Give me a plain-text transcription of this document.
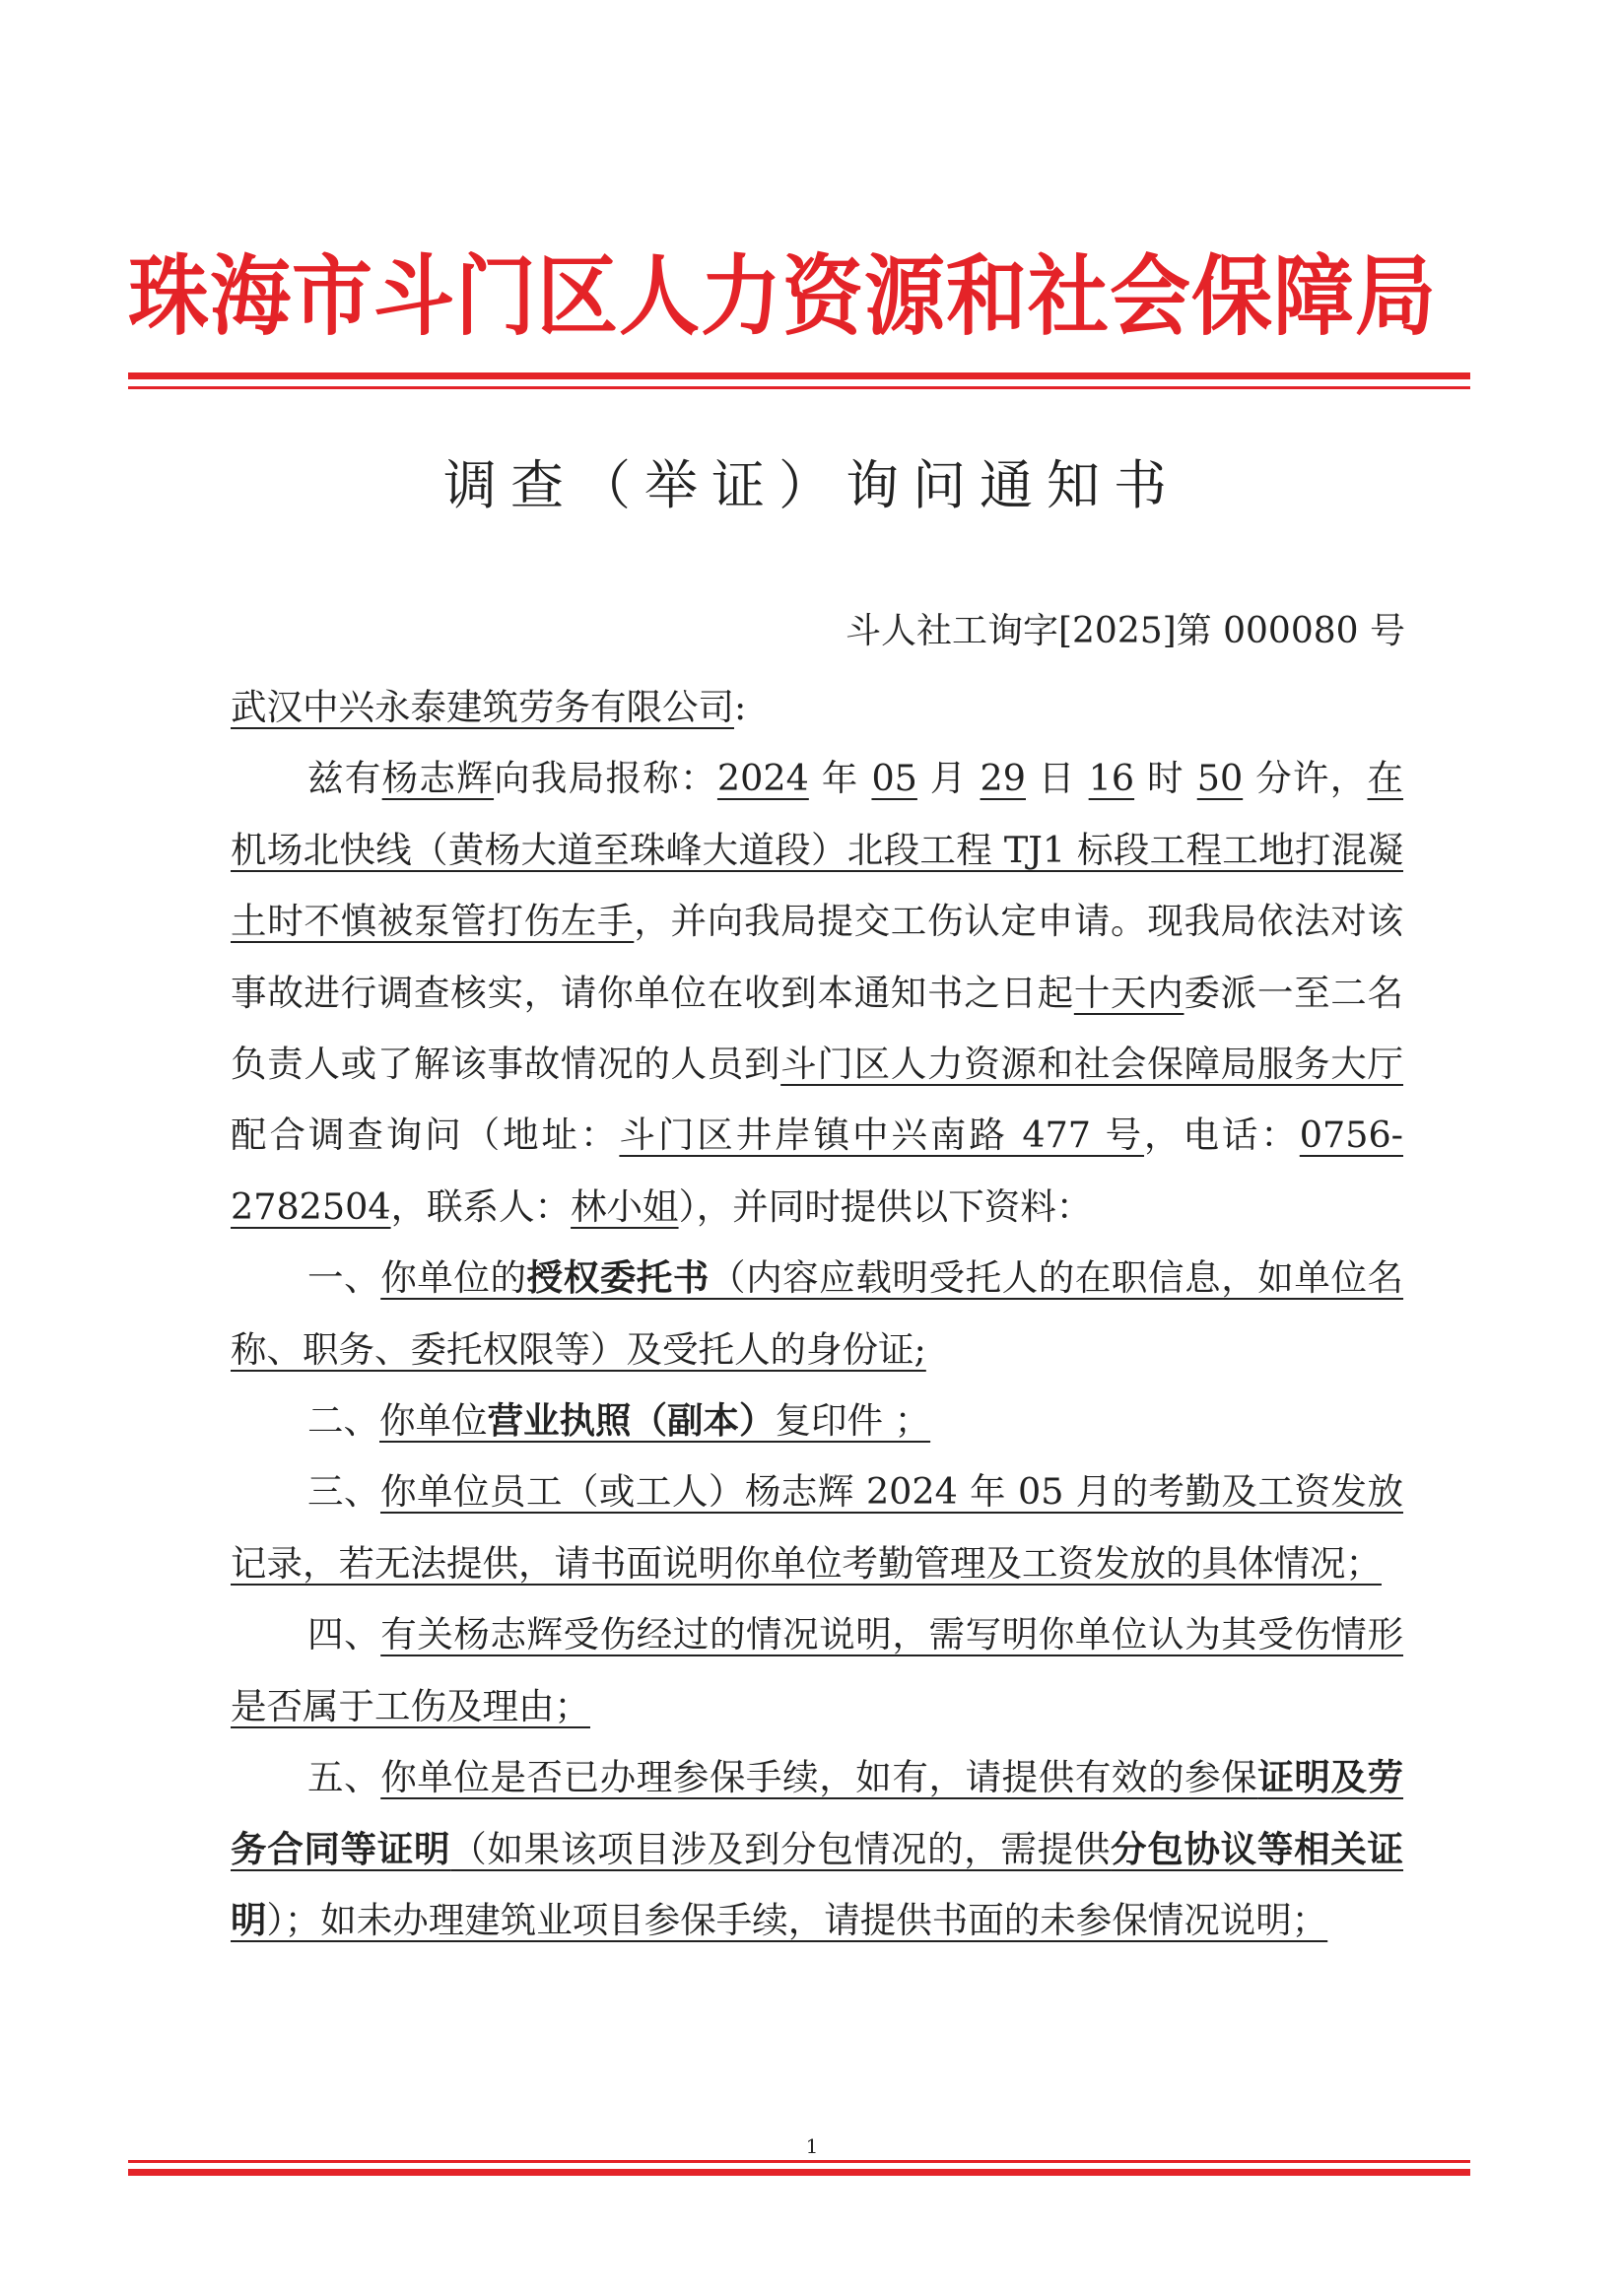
珠海市斗门区人力资源和社会保障局
调查（举证）询问通知书
斗人社工询字[2025]第 000080 号

武汉中兴永泰建筑劳务有限公司:

兹有杨志辉向我局报称：2024 年 05 月 29 日 16 时 50 分许，在机场北快线（黄杨大道至珠峰大道段）北段工程 TJ1 标段工程工地打混凝土时不慎被泵管打伤左手，并向我局提交工伤认定申请。现我局依法对该事故进行调查核实，请你单位在收到本通知书之日起十天内委派一至二名负责人或了解该事故情况的人员到斗门区人力资源和社会保障局服务大厅配合调查询问（地址：斗门区井岸镇中兴南路 477 号，电话：0756-2782504，联系人：林小姐），并同时提供以下资料：

一、你单位的授权委托书（内容应载明受托人的在职信息，如单位名称、职务、委托权限等）及受托人的身份证;

二、你单位营业执照（副本）复印件 ；

三、你单位员工（或工人）杨志辉 2024 年 05 月的考勤及工资发放记录，若无法提供，请书面说明你单位考勤管理及工资发放的具体情况；

四、有关杨志辉受伤经过的情况说明，需写明你单位认为其受伤情形是否属于工伤及理由；

五、你单位是否已办理参保手续，如有，请提供有效的参保证明及劳务合同等证明（如果该项目涉及到分包情况的，需提供分包协议等相关证明）；如未办理建筑业项目参保手续，请提供书面的未参保情况说明；

1
